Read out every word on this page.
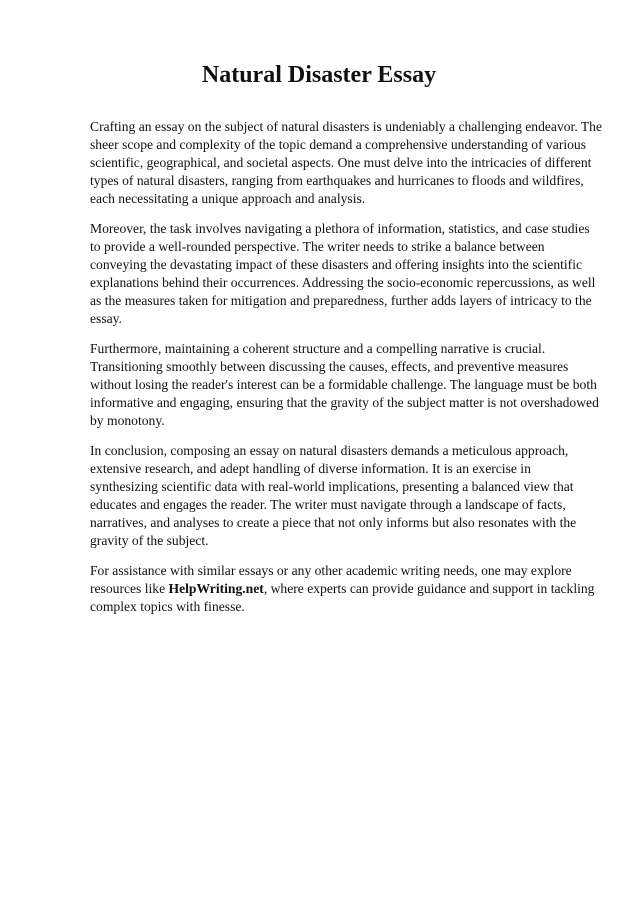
Natural Disaster Essay

Crafting an essay on the subject of natural disasters is undeniably a challenging endeavor. The sheer scope and complexity of the topic demand a comprehensive understanding of various scientific, geographical, and societal aspects. One must delve into the intricacies of different types of natural disasters, ranging from earthquakes and hurricanes to floods and wildfires, each necessitating a unique approach and analysis.

Moreover, the task involves navigating a plethora of information, statistics, and case studies to provide a well-rounded perspective. The writer needs to strike a balance between conveying the devastating impact of these disasters and offering insights into the scientific explanations behind their occurrences. Addressing the socio-economic repercussions, as well as the measures taken for mitigation and preparedness, further adds layers of intricacy to the essay.

Furthermore, maintaining a coherent structure and a compelling narrative is crucial. Transitioning smoothly between discussing the causes, effects, and preventive measures without losing the reader's interest can be a formidable challenge. The language must be both informative and engaging, ensuring that the gravity of the subject matter is not overshadowed by monotony.

In conclusion, composing an essay on natural disasters demands a meticulous approach, extensive research, and adept handling of diverse information. It is an exercise in synthesizing scientific data with real-world implications, presenting a balanced view that educates and engages the reader. The writer must navigate through a landscape of facts, narratives, and analyses to create a piece that not only informs but also resonates with the gravity of the subject.

For assistance with similar essays or any other academic writing needs, one may explore resources like HelpWriting.net, where experts can provide guidance and support in tackling complex topics with finesse.
